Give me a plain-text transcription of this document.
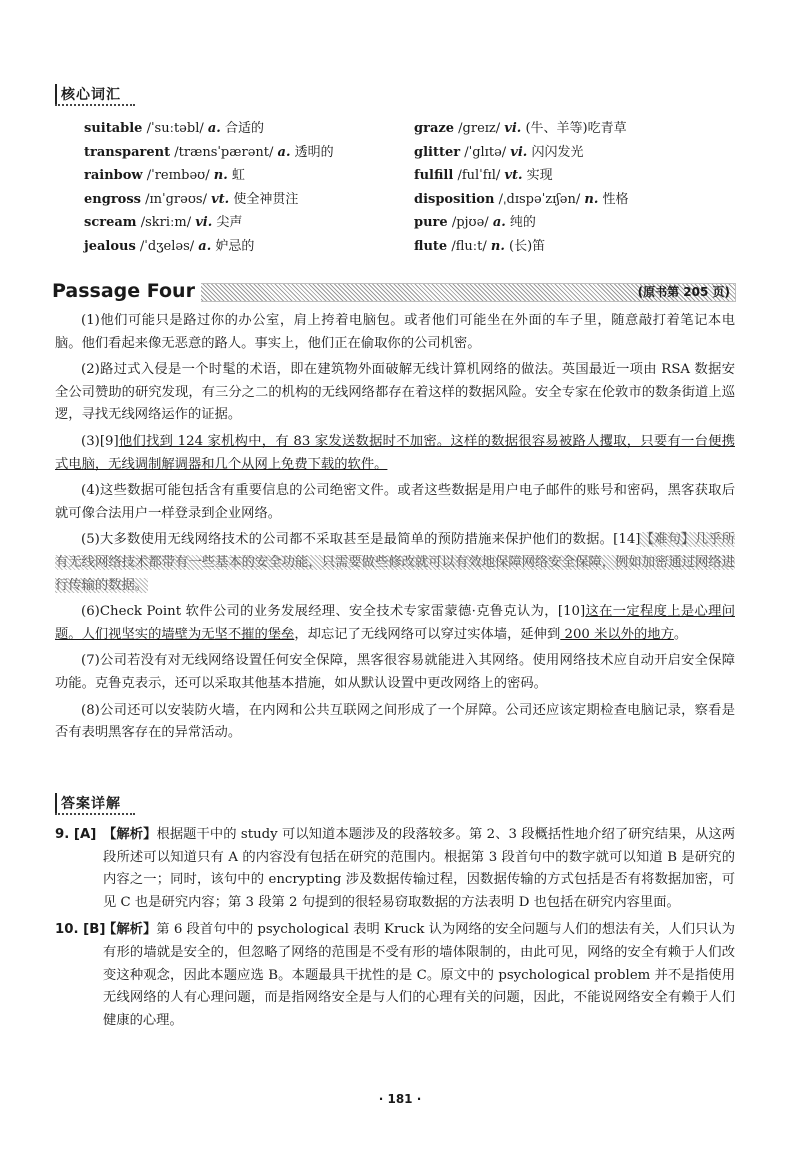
核心词汇
suitable /ˈsuːtəbl/ a. 合适的
transparent /trænsˈpærənt/ a. 透明的
rainbow /ˈreɪnbəʊ/ n. 虹
engross /ɪnˈgrəʊs/ vt. 使全神贯注
scream /skriːm/ vi. 尖声
jealous /ˈdʒeləs/ a. 妒忌的
graze /greɪz/ vi. (牛、羊等)吃青草
glitter /ˈglɪtə/ vi. 闪闪发光
fulfill /fulˈfɪl/ vt. 实现
disposition /ˌdɪspəˈzɪʃən/ n. 性格
pure /pjʊə/ a. 纯的
flute /fluːt/ n. (长)笛
Passage Four	(原书第 205 页)

(1)他们可能只是路过你的办公室，肩上挎着电脑包。或者他们可能坐在外面的车子里，随意敲打着笔记本电脑。他们看起来像无恶意的路人。事实上，他们正在偷取你的公司机密。

(2)路过式入侵是一个时髦的术语，即在建筑物外面破解无线计算机网络的做法。英国最近一项由 RSA 数据安全公司赞助的研究发现，有三分之二的机构的无线网络都存在着这样的数据风险。安全专家在伦敦市的数条街道上巡逻，寻找无线网络运作的证据。

(3)[9]他们找到 124 家机构中，有 83 家发送数据时不加密。这样的数据很容易被路人攫取，只要有一台便携式电脑，无线调制解调器和几个从网上免费下载的软件。

(4)这些数据可能包括含有重要信息的公司绝密文件。或者这些数据是用户电子邮件的账号和密码，黑客获取后就可像合法用户一样登录到企业网络。

(5)大多数使用无线网络技术的公司都不采取甚至是最简单的预防措施来保护他们的数据。[14]【难句】几乎所有无线网络技术都带有一些基本的安全功能，只需要做些修改就可以有效地保障网络安全保障，例如加密通过网络进行传输的数据。

(6)Check Point 软件公司的业务发展经理、安全技术专家雷蒙德·克鲁克认为，[10]这在一定程度上是心理问题。人们视坚实的墙壁为无坚不摧的堡垒，却忘记了无线网络可以穿过实体墙，延伸到 200 米以外的地方。

(7)公司若没有对无线网络设置任何安全保障，黑客很容易就能进入其网络。使用网络技术应自动开启安全保障功能。克鲁克表示，还可以采取其他基本措施，如从默认设置中更改网络上的密码。

(8)公司还可以安装防火墙，在内网和公共互联网之间形成了一个屏障。公司还应该定期检查电脑记录，察看是否有表明黑客存在的异常活动。

答案详解
9. [A] 【解析】根据题干中的 study 可以知道本题涉及的段落较多。第 2、3 段概括性地介绍了研究结果，从这两段所述可以知道只有 A 的内容没有包括在研究的范围内。根据第 3 段首句中的数字就可以知道 B 是研究的内容之一；同时，该句中的 encrypting 涉及数据传输过程，因数据传输的方式包括是否有将数据加密，可见 C 也是研究内容；第 3 段第 2 句提到的很轻易窃取数据的方法表明 D 也包括在研究内容里面。
10. [B]
【解析】第 6 段首句中的 psychological 表明 Kruck 认为网络的安全问题与人们的想法有关，人们只认为有形的墙就是安全的，但忽略了网络的范围是不受有形的墙体限制的，由此可见，网络的安全有赖于人们改变这种观念，因此本题应选 B。本题最具干扰性的是 C。原文中的 psychological problem 并不是指使用无线网络的人有心理问题，而是指网络安全是与人们的心理有关的问题，因此，不能说网络安全有赖于人们健康的心理。
· 181 ·
